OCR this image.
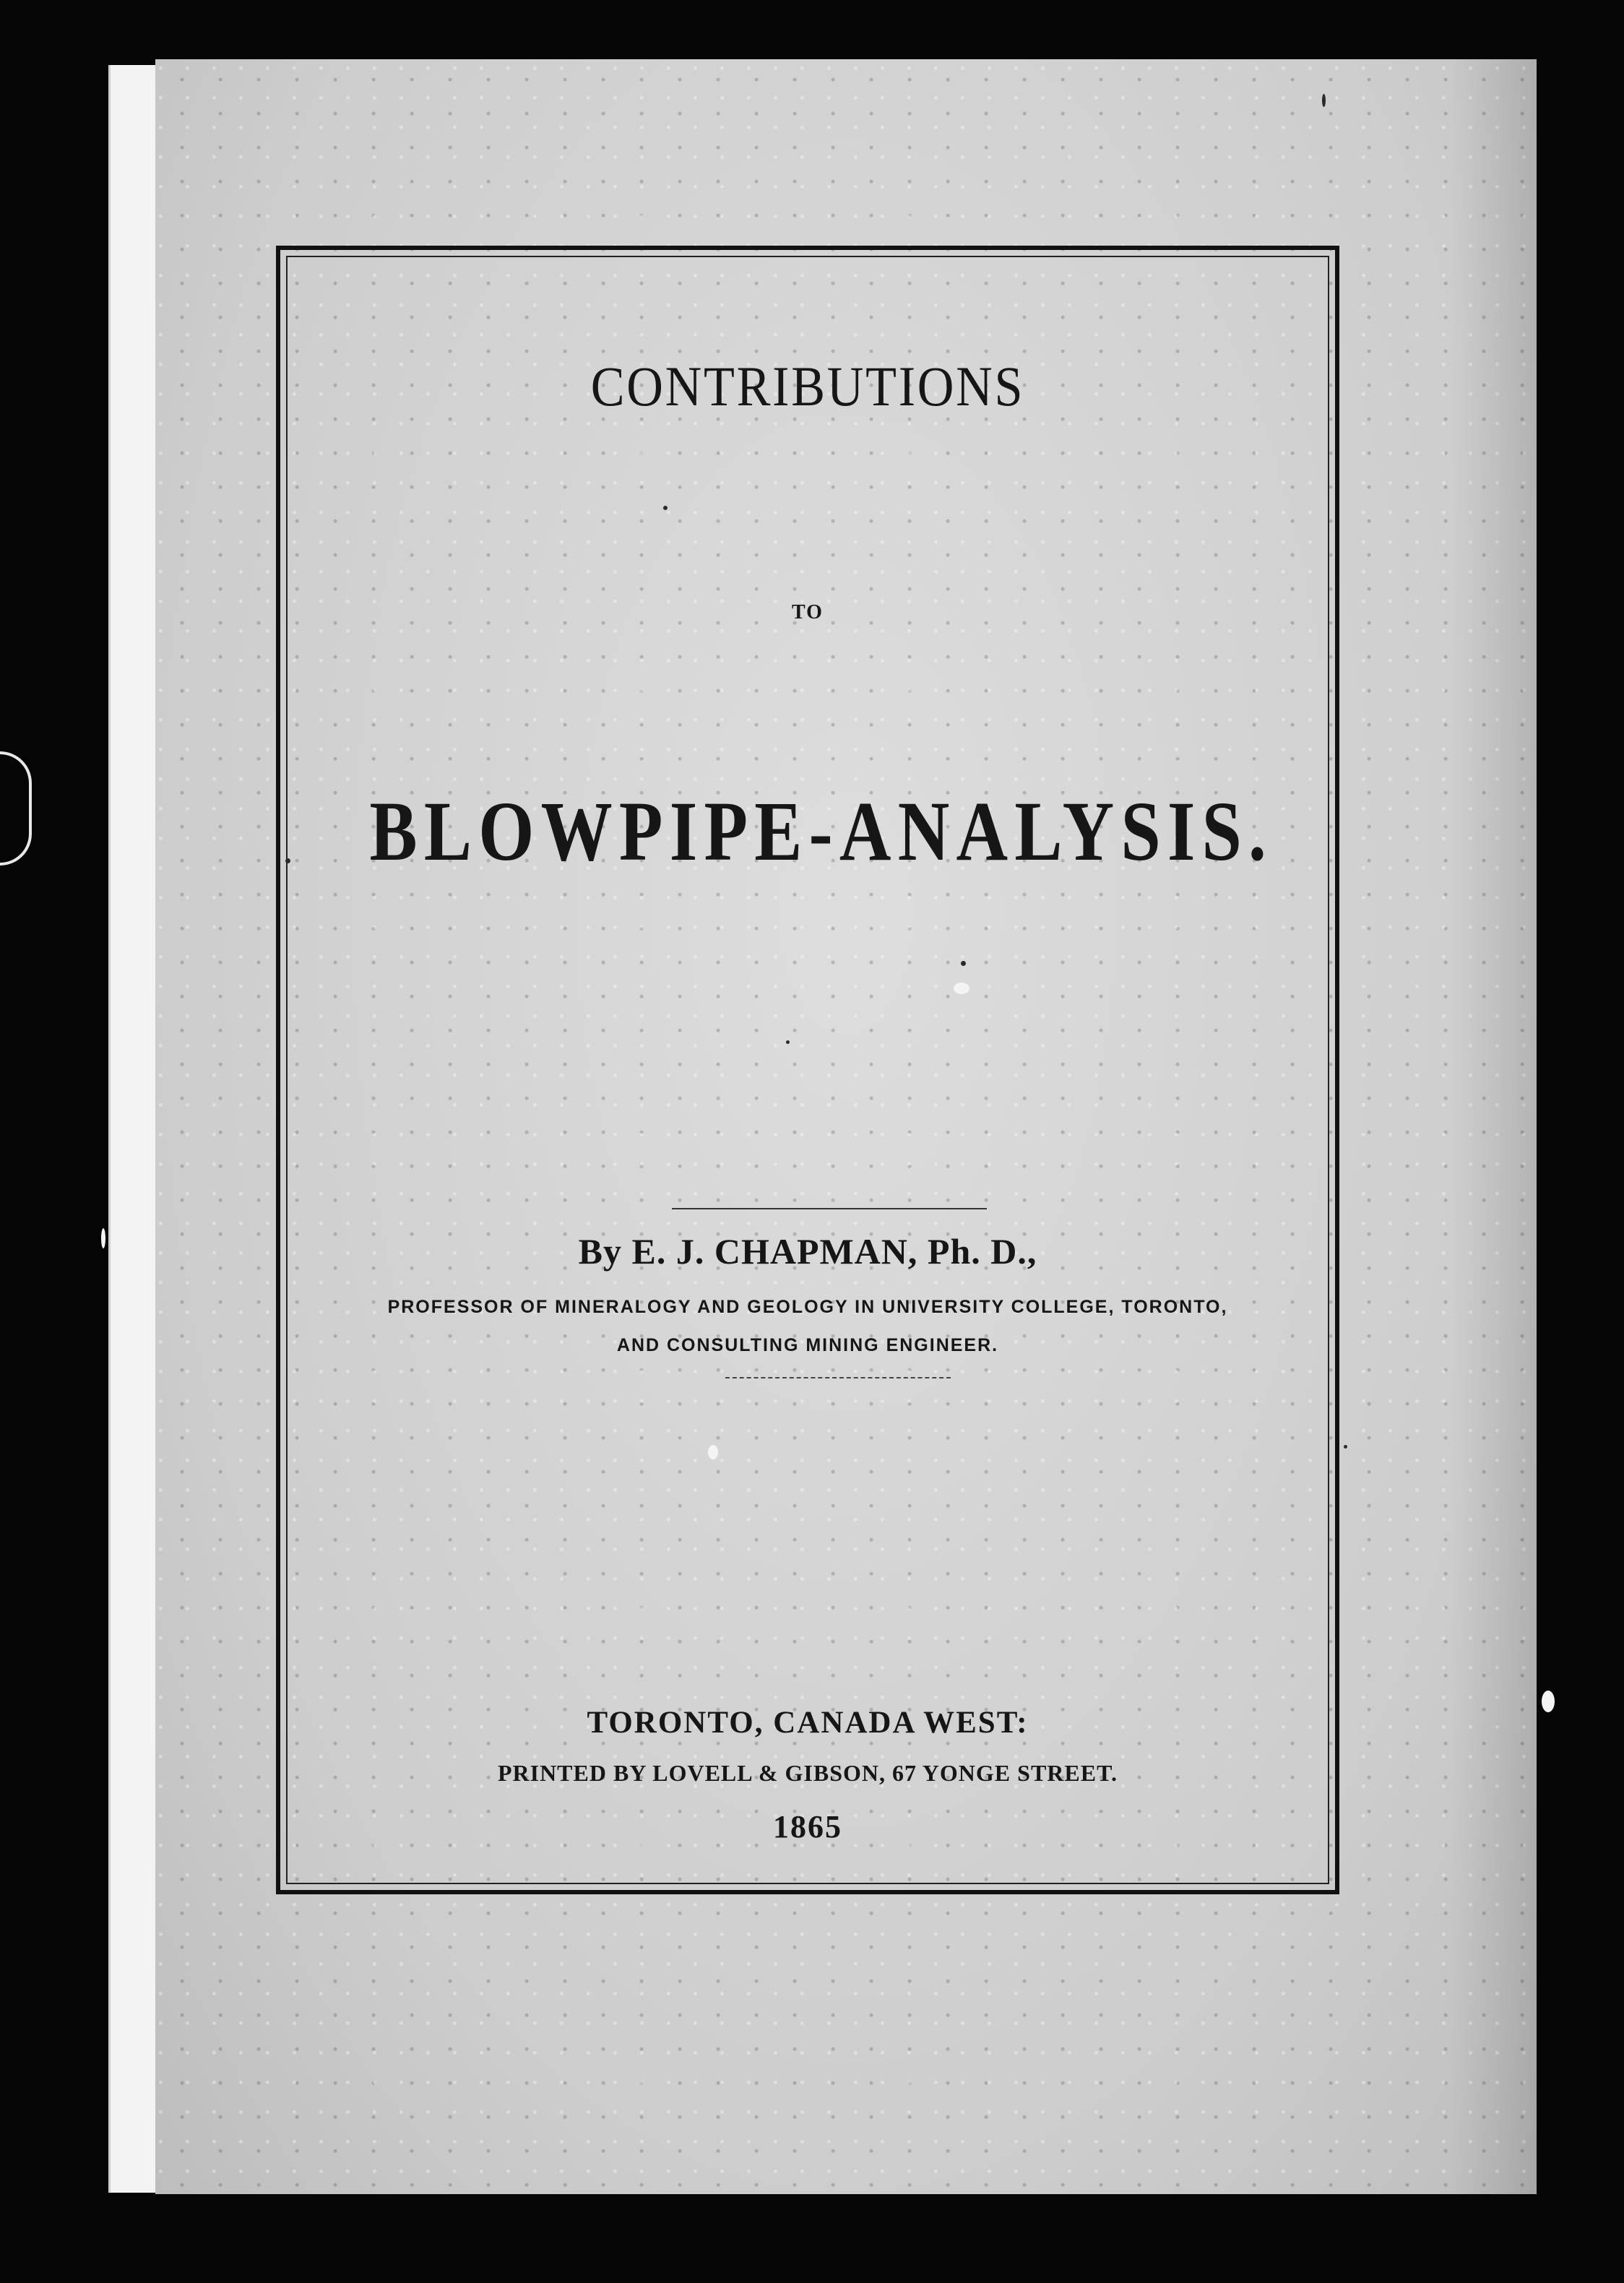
CONTRIBUTIONS
TO
BLOWPIPE-ANALYSIS.
By E. J. CHAPMAN, Ph. D.,
PROFESSOR OF MINERALOGY AND GEOLOGY IN UNIVERSITY COLLEGE, TORONTO,
AND CONSULTING MINING ENGINEER.
TORONTO, CANADA WEST:
PRINTED BY LOVELL & GIBSON, 67 YONGE STREET.
1865
